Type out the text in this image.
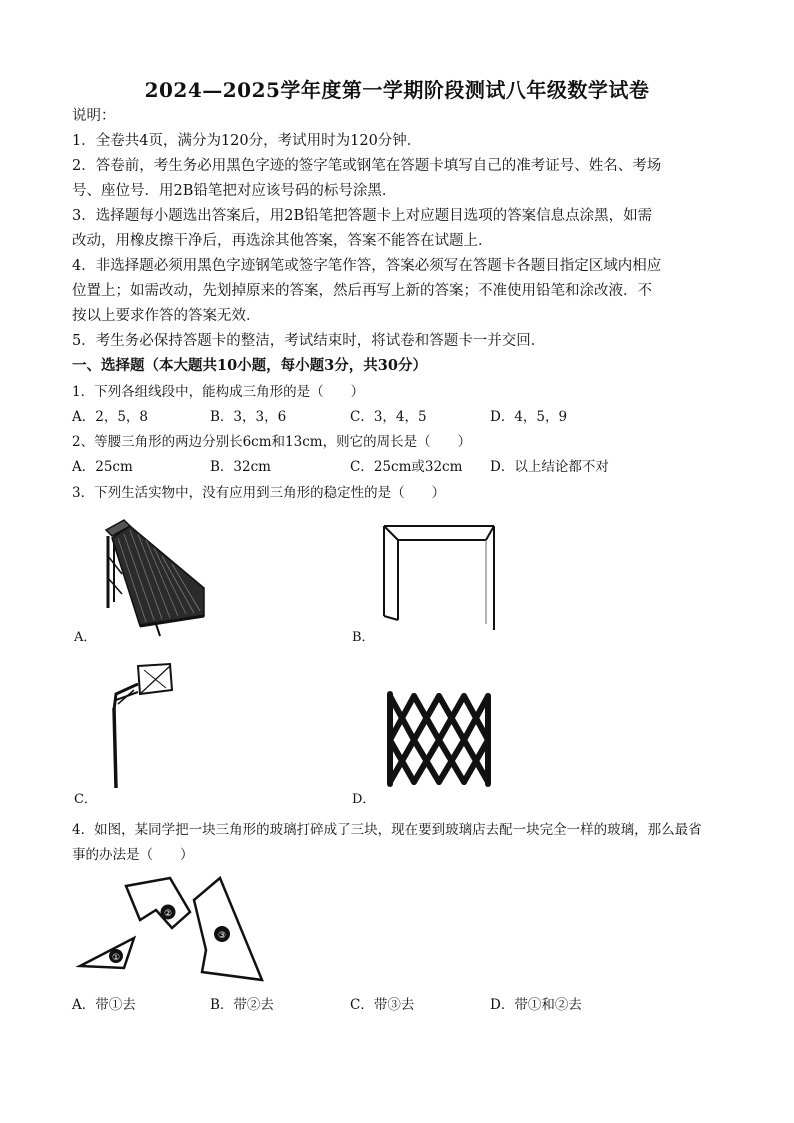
2024—2025学年度第一学期阶段测试八年级数学试卷
说明：
1．全卷共4页，满分为120分，考试用时为120分钟．
2．答卷前，考生务必用黑色字迹的签字笔或钢笔在答题卡填写自己的准考证号、姓名、考场
号、座位号．用2B铅笔把对应该号码的标号涂黑．
3．选择题每小题选出答案后，用2B铅笔把答题卡上对应题目选项的答案信息点涂黑，如需
改动，用橡皮擦干净后，再选涂其他答案，答案不能答在试题上．
4．非选择题必须用黑色字迹钢笔或签字笔作答，答案必须写在答题卡各题目指定区域内相应
位置上；如需改动，先划掉原来的答案，然后再写上新的答案；不准使用铅笔和涂改液．不
按以上要求作答的答案无效．
5．考生务必保持答题卡的整洁，考试结束时，将试卷和答题卡一并交回．
一、选择题（本大题共10小题，每小题3分，共30分）
1．下列各组线段中，能构成三角形的是（　　）
A．2，5，8	B．3，3，6	C．3，4，5	D．4，5，9
2、等腰三角形的两边分别长6cm和13cm，则它的周长是（　　）
A．25cm	B．32cm	C．25cm或32cm D．以上结论都不对
3．下列生活实物中，没有应用到三角形的稳定性的是（　　）
A．	B．
C．	D．
4．如图，某同学把一块三角形的玻璃打碎成了三块，现在要到玻璃店去配一块完全一样的玻璃，那么最省
事的办法是（　　）
①
②
③
A．带①去	B．带②去	C．带③去	D．带①和②去
